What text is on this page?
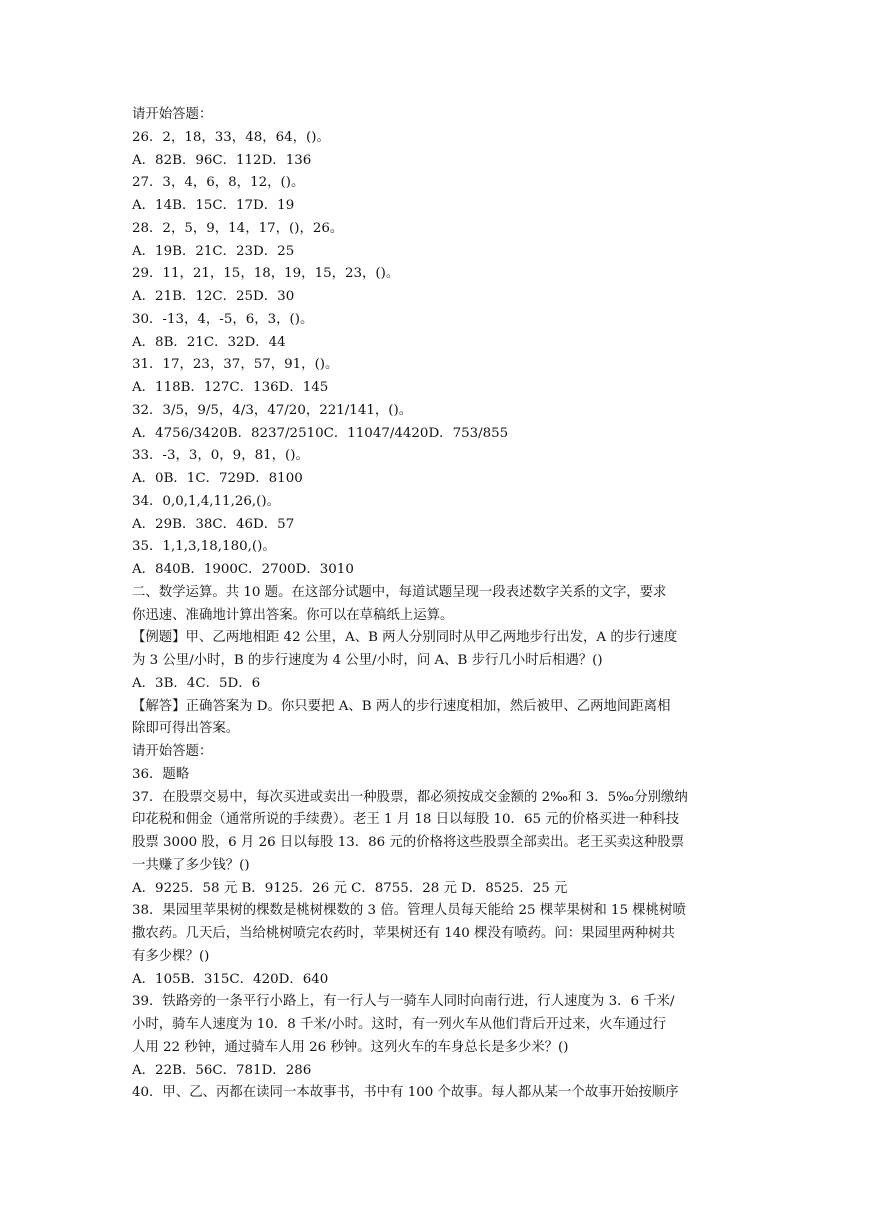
请开始答题：
26．2，18，33，48，64，()。
A．82B．96C．112D．136
27．3，4，6，8，12，()。
A．14B．15C．17D．19
28．2，5，9，14，17，()，26。
A．19B．21C．23D．25
29．11，21，15，18，19，15，23，()。
A．21B．12C．25D．30
30．-13，4，-5，6，3，()。
A．8B．21C．32D．44
31．17，23，37，57，91，()。
A．118B．127C．136D．145
32．3/5，9/5，4/3，47/20，221/141，()。
A．4756/3420B．8237/2510C．11047/4420D．753/855
33．-3，3，0，9，81，()。
A．0B．1C．729D．8100
34．0,0,1,4,11,26,()。
A．29B．38C．46D．57
35．1,1,3,18,180,()。
A．840B．1900C．2700D．3010
二、数学运算。共 10 题。在这部分试题中，每道试题呈现一段表述数字关系的文字，要求
你迅速、准确地计算出答案。你可以在草稿纸上运算。
【例题】甲、乙两地相距 42 公里，A、B 两人分别同时从甲乙两地步行出发，A 的步行速度
为 3 公里/小时，B 的步行速度为 4 公里/小时，问 A、B 步行几小时后相遇？()
A．3B．4C．5D．6
【解答】正确答案为 D。你只要把 A、B 两人的步行速度相加，然后被甲、乙两地间距离相
除即可得出答案。
请开始答题：
36．题略
37．在股票交易中，每次买进或卖出一种股票，都必须按成交金额的 2‰和 3．5‰分别缴纳
印花税和佣金（通常所说的手续费）。老王 1 月 18 日以每股 10．65 元的价格买进一种科技
股票 3000 股，6 月 26 日以每股 13．86 元的价格将这些股票全部卖出。老王买卖这种股票
一共赚了多少钱？()
A．9225．58 元 B．9125．26 元 C．8755．28 元 D．8525．25 元
38．果园里苹果树的棵数是桃树棵数的 3 倍。管理人员每天能给 25 棵苹果树和 15 棵桃树喷
撒农药。几天后，当给桃树喷完农药时，苹果树还有 140 棵没有喷药。问：果园里两种树共
有多少棵？()
A．105B．315C．420D．640
39．铁路旁的一条平行小路上，有一行人与一骑车人同时向南行进，行人速度为 3．6 千米/
小时，骑车人速度为 10．8 千米/小时。这时，有一列火车从他们背后开过来，火车通过行
人用 22 秒钟，通过骑车人用 26 秒钟。这列火车的车身总长是多少米？()
A．22B．56C．781D．286
40．甲、乙、丙都在读同一本故事书，书中有 100 个故事。每人都从某一个故事开始按顺序
